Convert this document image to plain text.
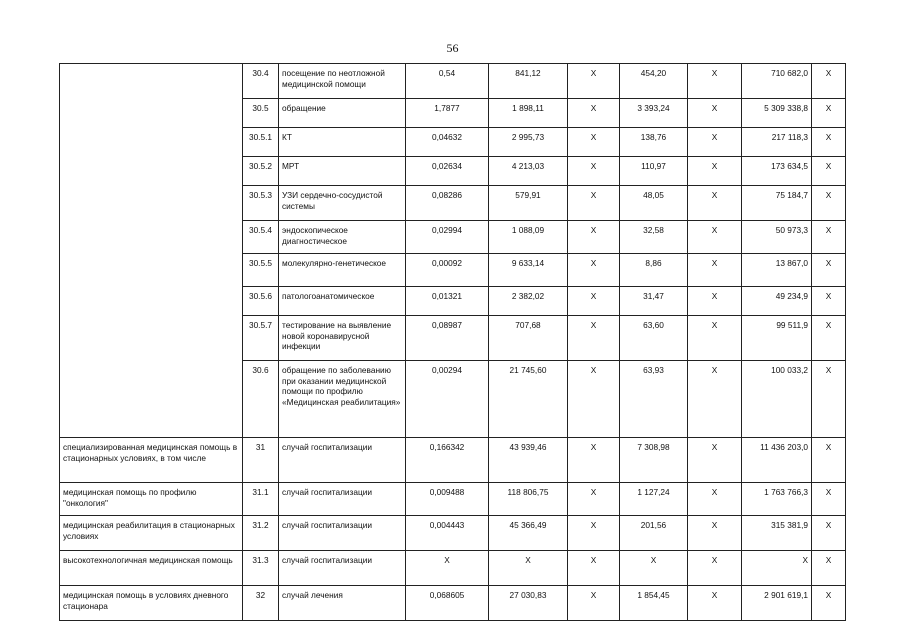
56
	30.4	посещение по неотложной медицинской помощи	0,54	841,12	X	454,20	X	710 682,0	X
	30.5	обращение	1,7877	1 898,11	X	3 393,24	X	5 309 338,8	X
	30.5.1	КТ	0,04632	2 995,73	X	138,76	X	217 118,3	X
	30.5.2	МРТ	0,02634	4 213,03	X	110,97	X	173 634,5	X
	30.5.3	УЗИ сердечно-сосудистой системы	0,08286	579,91	X	48,05	X	75 184,7	X
	30.5.4	эндоскопическое диагностическое	0,02994	1 088,09	X	32,58	X	50 973,3	X
	30.5.5	молекулярно-генетическое	0,00092	9 633,14	X	8,86	X	13 867,0	X
	30.5.6	патологоанатомическое	0,01321	2 382,02	X	31,47	X	49 234,9	X
	30.5.7	тестирование на выявление новой коронавирусной инфекции	0,08987	707,68	X	63,60	X	99 511,9	X
	30.6	обращение по заболеванию при оказании медицинской помощи по профилю «Медицинская реабилитация»	0,00294	21 745,60	X	63,93	X	100 033,2	X
специализированная медицинская помощь в стационарных условиях, в том числе	31	случай госпитализации	0,166342	43 939,46	X	7 308,98	X	11 436 203,0	X
медицинская помощь по профилю "онкология"	31.1	случай госпитализации	0,009488	118 806,75	X	1 127,24	X	1 763 766,3	X
медицинская реабилитация в стационарных условиях	31.2	случай госпитализации	0,004443	45 366,49	X	201,56	X	315 381,9	X
высокотехнологичная медицинская помощь	31.3	случай госпитализации	X	X	X	X	X	X	X
медицинская помощь в условиях дневного стационара	32	случай лечения	0,068605	27 030,83	X	1 854,45	X	2 901 619,1	X
